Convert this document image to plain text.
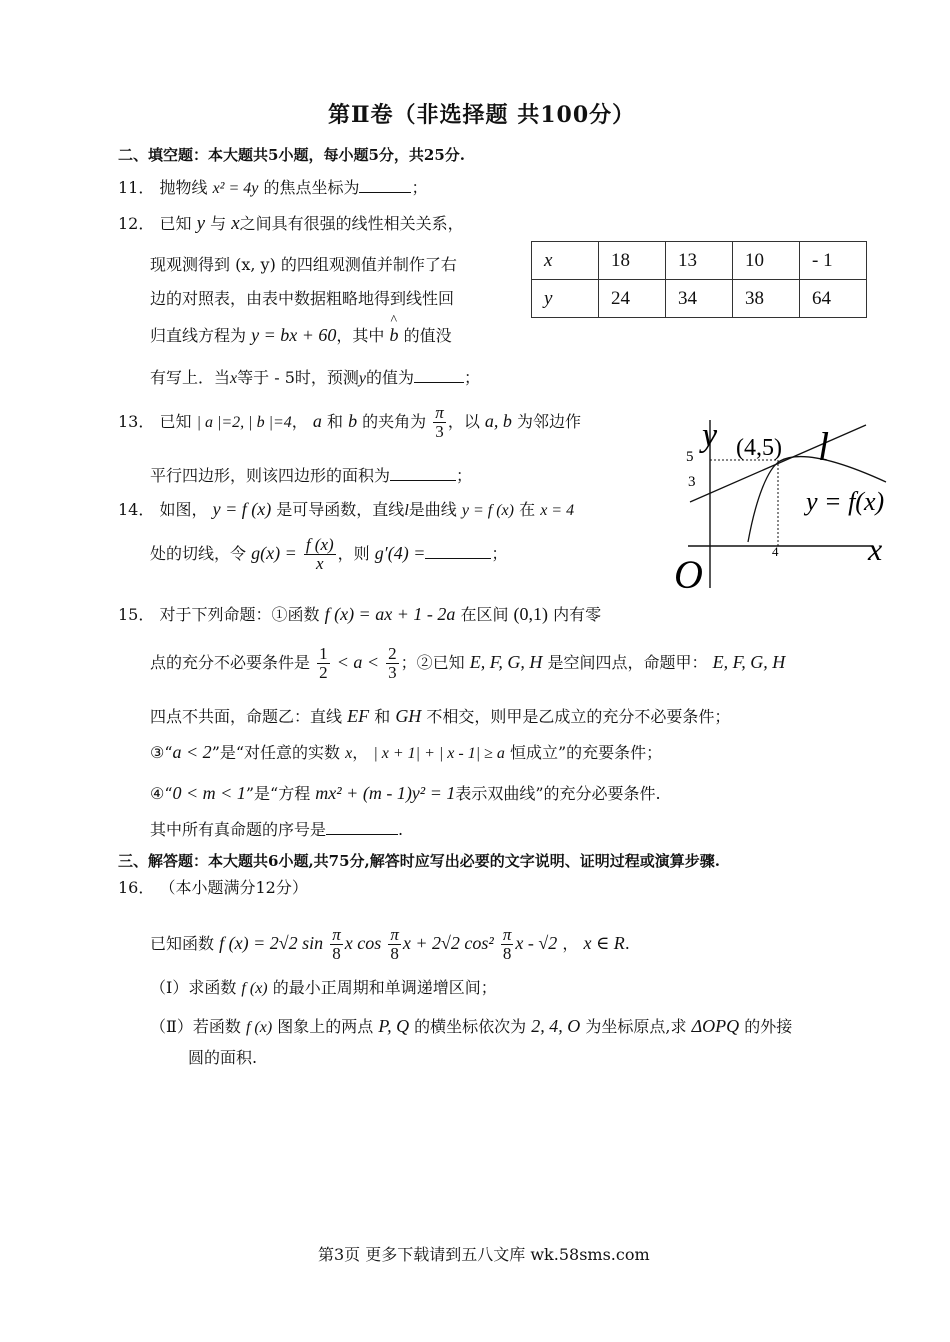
第Ⅱ卷（非选择题 共100分）
二、填空题：本大题共5小题，每小题5分，共25分.
11． 抛物线 x² = 4y 的焦点坐标为	；
12． 已知 y 与 x之间具有很强的线性相关关系，
现观测得到 (x, y) 的四组观测值并制作了右
边的对照表，由表中数据粗略地得到线性回
归直线方程为 y = bx + 60，其中 ^ b 的值没
有写上．当x等于 - 5时，预测y的值为	；
x	18	13	10	- 1
y	24	34	38	64
13． 已知 | a |=2, | b |=4， a 和 b 的夹角为 $\frac{\pi}{3}$ ，以 a, b 为邻边作
平行四边形，则该四边形的面积为	；
14． 如图， y = f (x) 是可导函数，直线l是曲线 y = f (x) 在 x = 4
处的切线，令 $g(x) = \frac{f (x)}{x}$ ，则 g′(4) =	；
y
x
O
l
(4,5)
y = f(x)
5
3
4
15． 对于下列命题：①函数 f (x) = ax + 1 - 2a 在区间 (0,1) 内有零
点的充分不必要条件是 $\frac{1}{2} < a < \frac{2}{3}$ ；②已知 E, F, G, H 是空间四点，命题甲： E, F, G, H
四点不共面，命题乙：直线 EF 和 GH 不相交，则甲是乙成立的充分不必要条件；
③“a < 2”是“对任意的实数 x， | x + 1| + | x - 1| ≥ a 恒成立”的充要条件；
④“0 < m < 1”是“方程 mx² + (m - 1)y² = 1表示双曲线”的充分必要条件.
其中所有真命题的序号是	.
三、解答题：本大题共6小题,共75分,解答时应写出必要的文字说明、证明过程或演算步骤.
16． （本小题满分12分）
已知函数 f (x) = 2√2 $\sin \frac{\pi}{8}$ x $\cos \frac{\pi}{8}$ x + 2√2 $\cos^2 \frac{\pi}{8}$ x - √2 ， x ∈ R.
（Ⅰ）求函数 f (x) 的最小正周期和单调递增区间；
（Ⅱ）若函数 f (x) 图象上的两点 P, Q 的横坐标依次为 2, 4, O 为坐标原点,求 ΔOPQ 的外接
圆的面积.
第3页 更多下载请到五八文库 wk.58sms.com
